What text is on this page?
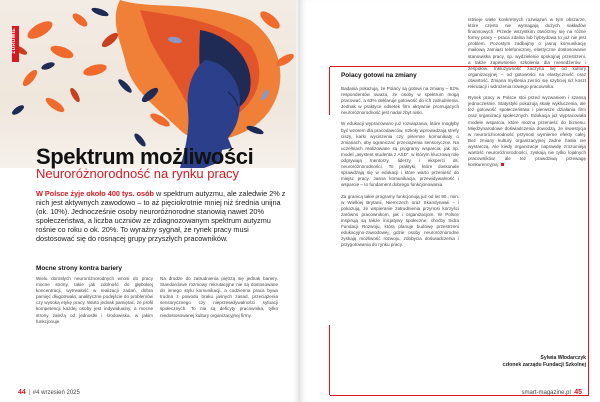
ZDROWIE
Spektrum możliwości
Neuroróżnorodność na rynku pracy
W Polsce żyje około 400 tys. osób w spektrum autyzmu, ale zaledwie 2% z nich jest aktywnych zawodowo – to aż pięciokrotnie mniej niż średnia unijna (ok. 10%). Jednocześnie osoby neuroróżnorodne stanowią nawet 20% społeczeństwa, a liczba uczniów ze zdiagnozowanym spektrum autyzmu rośnie co roku o ok. 20%. To wyraźny sygnał, że rynek pracy musi dostosować się do rosnącej grupy przyszłych pracowników.
Mocne strony kontra bariery

Wielu dorosłych neuroróżnorodnych wnosi do pracy mocne strony, takie jak zdolność do głębokiej koncentracji, wytrwałość w realizacji zadań, dobra pamięć długotrwała, analityczne podejście do problemów czy wysoką etykę pracy. Warto jednak pamiętać, że profil kompetencji każdej osoby jest indywidualny, a mocne strony zależą od jednostki i środowiska, w jakim funkcjonuje.

Na drodze do zatrudnienia piętrzą się jednak bariery. Standardowe rozmowy rekrutacyjne nie są dostosowane do innego stylu komunikacji, a codzienna praca bywa trudna z powodu braku jasnych zasad, przeciążenia sensorycznego czy nieprzewidywalności sytuacji społecznych. To nie są deficyty pracownika, tylko niedostosowanej kultury organizacyjnej firmy.

44 #4 wrzesień 2025
Polacy gotowi na zmiany

Badania pokazują, że Polacy są gotowi na zmiany – 62% respondentów uważa, że osoby w spektrum mogą pracować, a 63% deklaruje gotowość do ich zatrudnienia. Jednak w praktyce odsetek firm aktywnie promujących neuroróżnorodność jest nadal zbyt niski.

W edukacji wypracowano już rozwiązania, które mogłyby być wzorem dla pracodawców. Szkoły wprowadzają strefy ciszy, karki wyciszenia czy pisemne komunikaty o zmianach, aby ograniczać przeciążenia sensoryczne. Na uczelniach realizowane są programy wsparcia, jak np. model „asystent studenta z ASD”, w którym kluczową rolę odgrywają mentorzy, liderzy i eksperci ds. neuroróżnorodności. To praktyki, które doskonale sprawdzają się w edukacji i które warto przenieść do miejsc pracy. Jasna komunikacja, przewidywalność i wsparcie – to fundament dobrego funkcjonowania.

Za granicą takie programy funkcjonują już od lat 90., min. w Wielkiej Brytanii, Niemczech oraz Skandynawii – i pokazują, że wspieranie zatrudnienia przynosi korzyści zarówno pracownikom, jak i organizacjom. W Polsce inspirują są także inicjatywy społeczne, choćby Sidra Fundacji Rozwoju, która planuje budowę przestrzeni edukacyjno-zawodowej, gdzie osoby neuroróżnorodne zyskają możliwość rozwoju, zdobycia doświadczenia i przygotowania do rynku pracy.

Istnieje wiele konkretnych rozwiązań w tym obszarze, które często nie wymagają dużych nakładów finansowych. Przede wszystkim otwórzmy się na różne formy pracy – praca zdalna lub hybrydowa to już nie jest problem. Pozostym zadbajmy o jasną komunikację mailową zamiast telefonicznej, elastyczne dostosowanie stanowiska pracy, np. wydzielenie spokojnej przestrzeni, a także zapewnienie szkolenia dla menedżerów i zespołów. Inkluzywność zaczyna się od kultury organizacyjnej – od gotowości na elastyczność oraz otwartość. Zmiana myślenia zwróci się szybciej niż koszt rekrutacji i wdrożenia nowego pracownika.

Rynek pracy w Polsce stoi przed wyzwaniem i szansą jednocześnie. Statystyki pokazują skalę wykluczenia, ale też gotowość społeczeństwa i pierwsze działania firm oraz organizacji społecznych. Edukacja już wypracowała modele wsparcia, które można przenieść do biznesu. Międzynarodowe doświadczenia dowodzą, że inwestycja w neuroróżnorodność przynosi wymierne efekty całej. Bez zmiany kultury organizacyjnej żadne hasła nie wystarczą. Ale kiedy organizacje naprawdę zrozumieją wartość neuroróżnorodności, zyskają nie tylko lojalnych pracowników, ale też prawdziwą przewagę konkurencyjną.

Sylwia Włodarczyk
członek zarządu Fundacji Szkolnej
smart-magazine.pl 45
